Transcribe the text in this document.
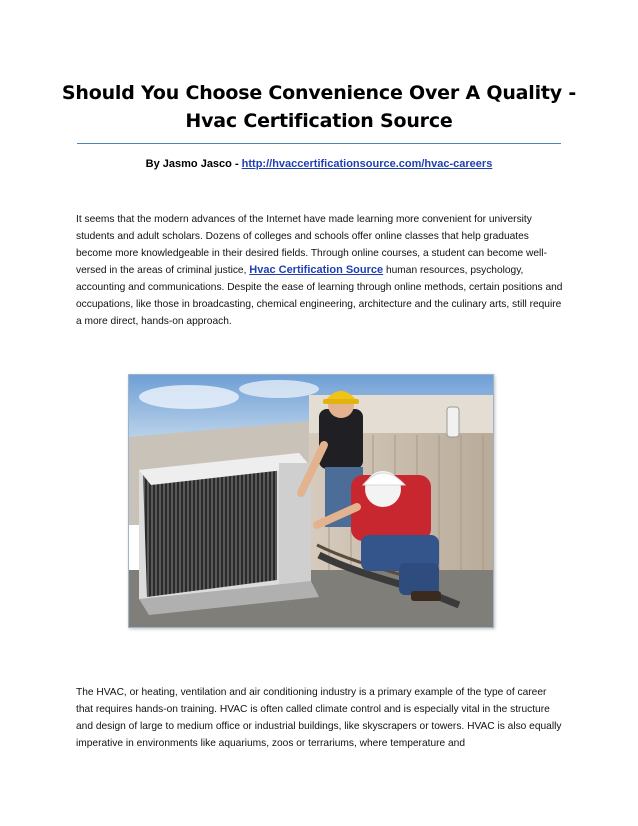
Should You Choose Convenience Over A Quality -
Hvac Certification Source
By Jasmo Jasco - http://hvaccertificationsource.com/hvac-careers

It seems that the modern advances of the Internet have made learning more convenient for university students and adult scholars. Dozens of colleges and schools offer online classes that help graduates become more knowledgeable in their desired fields. Through online courses, a student can become well-versed in the areas of criminal justice, Hvac Certification Source human resources, psychology, accounting and communications. Despite the ease of learning through online methods, certain positions and occupations, like those in broadcasting, chemical engineering, architecture and the culinary arts, still require a more direct, hands-on approach.

The HVAC, or heating, ventilation and air conditioning industry is a primary example of the type of career that requires hands-on training. HVAC is often called climate control and is especially vital in the structure and design of large to medium office or industrial buildings, like skyscrapers or towers. HVAC is also equally imperative in environments like aquariums, zoos or terrariums, where temperature and
